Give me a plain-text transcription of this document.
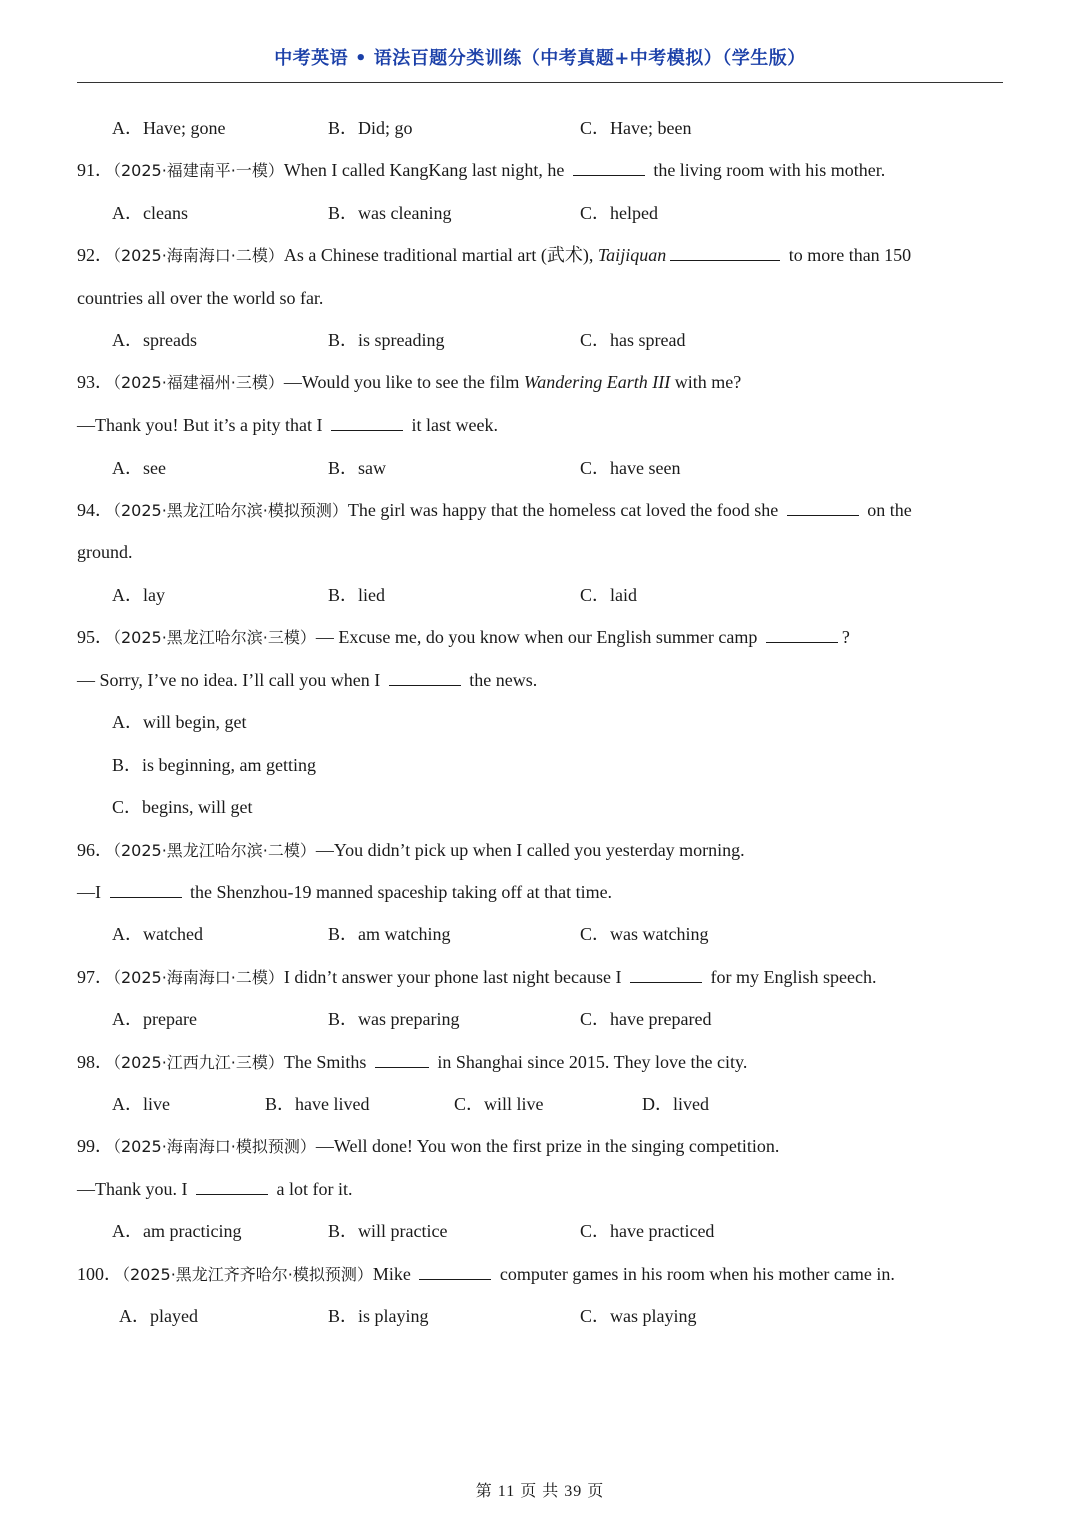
中考英语 • 语法百题分类训练（中考真题+中考模拟）（学生版）
A．Have; gone	B．Did; go	C．Have; been
91．（2025·福建南平·一模）When I called KangKang last night, he	the living room with his mother.
A．cleans	B．was cleaning	C．helped
92．（2025·海南海口·二模）As a Chinese traditional martial art (武术), Taijiquan	to more than 150
countries all over the world so far.
A．spreads	B．is spreading	C．has spread
93．（2025·福建福州·三模）—Would you like to see the film Wandering Earth III with me?
—Thank you! But it’s a pity that I	it last week.
A．see	B．saw	C．have seen
94．（2025·黑龙江哈尔滨·模拟预测）The girl was happy that the homeless cat loved the food she	on the
ground.
A．lay	B．lied	C．laid
95．（2025·黑龙江哈尔滨·三模）— Excuse me, do you know when our English summer camp	?
— Sorry, I’ve no idea. I’ll call you when I	the news.
A．will begin, get
B．is beginning, am getting
C．begins, will get
96．（2025·黑龙江哈尔滨·二模）—You didn’t pick up when I called you yesterday morning.
—I	the Shenzhou-19 manned spaceship taking off at that time.
A．watched	B．am watching	C．was watching
97．（2025·海南海口·二模）I didn’t answer your phone last night because I	for my English speech.
A．prepare	B．was preparing	C．have prepared
98．（2025·江西九江·三模）The Smiths	in Shanghai since 2015. They love the city.
A．live	B．have lived	C．will live	D．lived
99．（2025·海南海口·模拟预测）—Well done! You won the first prize in the singing competition.
—Thank you. I	a lot for it.
A．am practicing	B．will practice	C．have practiced
100．（2025·黑龙江齐齐哈尔·模拟预测）Mike	computer games in his room when his mother came in.
A．played	B．is playing	C．was playing
第 11 页 共 39 页
